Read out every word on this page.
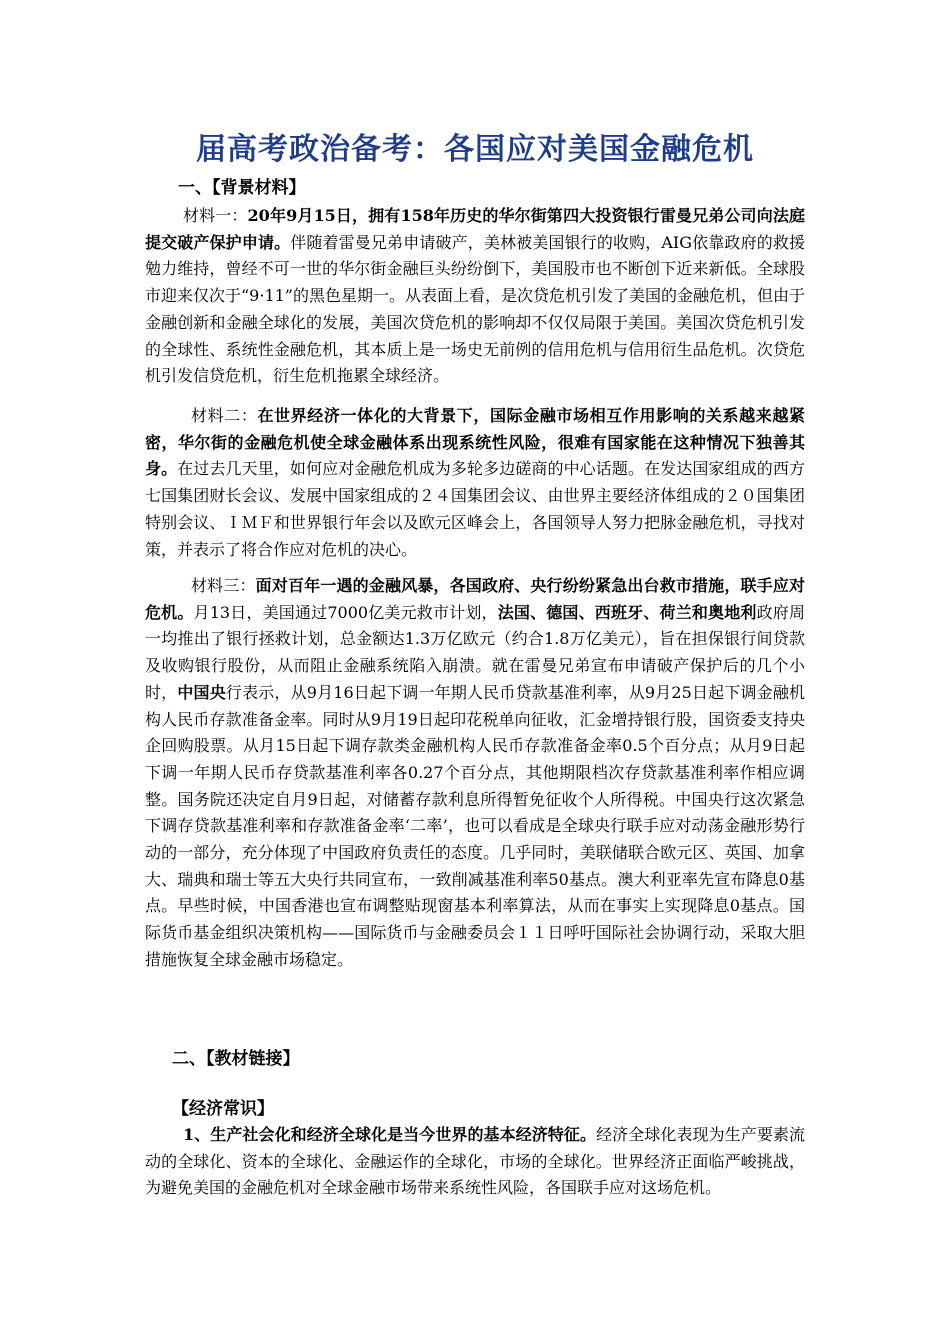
届高考政治备考：各国应对美国金融危机

一、【背景材料】

材料一：20年9月15日，拥有158年历史的华尔街第四大投资银行雷曼兄弟公司向法庭提交破产保护申请。伴随着雷曼兄弟申请破产，美林被美国银行的收购，AIG依靠政府的救援勉力维持，曾经不可一世的华尔街金融巨头纷纷倒下，美国股市也不断创下近来新低。全球股市迎来仅次于“9·11”的黑色星期一。从表面上看，是次贷危机引发了美国的金融危机，但由于金融创新和金融全球化的发展，美国次贷危机的影响却不仅仅局限于美国。美国次贷危机引发的全球性、系统性金融危机，其本质上是一场史无前例的信用危机与信用衍生品危机。次贷危机引发信贷危机，衍生危机拖累全球经济。

材料二：在世界经济一体化的大背景下，国际金融市场相互作用影响的关系越来越紧密，华尔街的金融危机使全球金融体系出现系统性风险，很难有国家能在这种情况下独善其身。在过去几天里，如何应对金融危机成为多轮多边磋商的中心话题。在发达国家组成的西方七国集团财长会议、发展中国家组成的２４国集团会议、由世界主要经济体组成的２０国集团特别会议、ＩＭＦ和世界银行年会以及欧元区峰会上，各国领导人努力把脉金融危机，寻找对策，并表示了将合作应对危机的决心。

材料三：面对百年一遇的金融风暴，各国政府、央行纷纷紧急出台救市措施，联手应对危机。月13日，美国通过7000亿美元救市计划，法国、德国、西班牙、荷兰和奥地利政府周一均推出了银行拯救计划，总金额达1.3万亿欧元（约合1.8万亿美元），旨在担保银行间贷款及收购银行股份，从而阻止金融系统陷入崩溃。就在雷曼兄弟宣布申请破产保护后的几个小时，中国央行表示，从9月16日起下调一年期人民币贷款基准利率，从9月25日起下调金融机构人民币存款准备金率。同时从9月19日起印花税单向征收，汇金增持银行股，国资委支持央企回购股票。从月15日起下调存款类金融机构人民币存款准备金率0.5个百分点；从月9日起下调一年期人民币存贷款基准利率各0.27个百分点，其他期限档次存贷款基准利率作相应调整。国务院还决定自月9日起，对储蓄存款利息所得暂免征收个人所得税。中国央行这次紧急下调存贷款基准利率和存款准备金率‘二率’，也可以看成是全球央行联手应对动荡金融形势行动的一部分，充分体现了中国政府负责任的态度。几乎同时，美联储联合欧元区、英国、加拿大、瑞典和瑞士等五大央行共同宣布，一致削减基准利率50基点。澳大利亚率先宣布降息0基点。早些时候，中国香港也宣布调整贴现窗基本利率算法，从而在事实上实现降息0基点。国际货币基金组织决策机构——国际货币与金融委员会１１日呼吁国际社会协调行动，采取大胆措施恢复全球金融市场稳定。

二、【教材链接】

【经济常识】

1、生产社会化和经济全球化是当今世界的基本经济特征。经济全球化表现为生产要素流动的全球化、资本的全球化、金融运作的全球化，市场的全球化。世界经济正面临严峻挑战，为避免美国的金融危机对全球金融市场带来系统性风险，各国联手应对这场危机。
